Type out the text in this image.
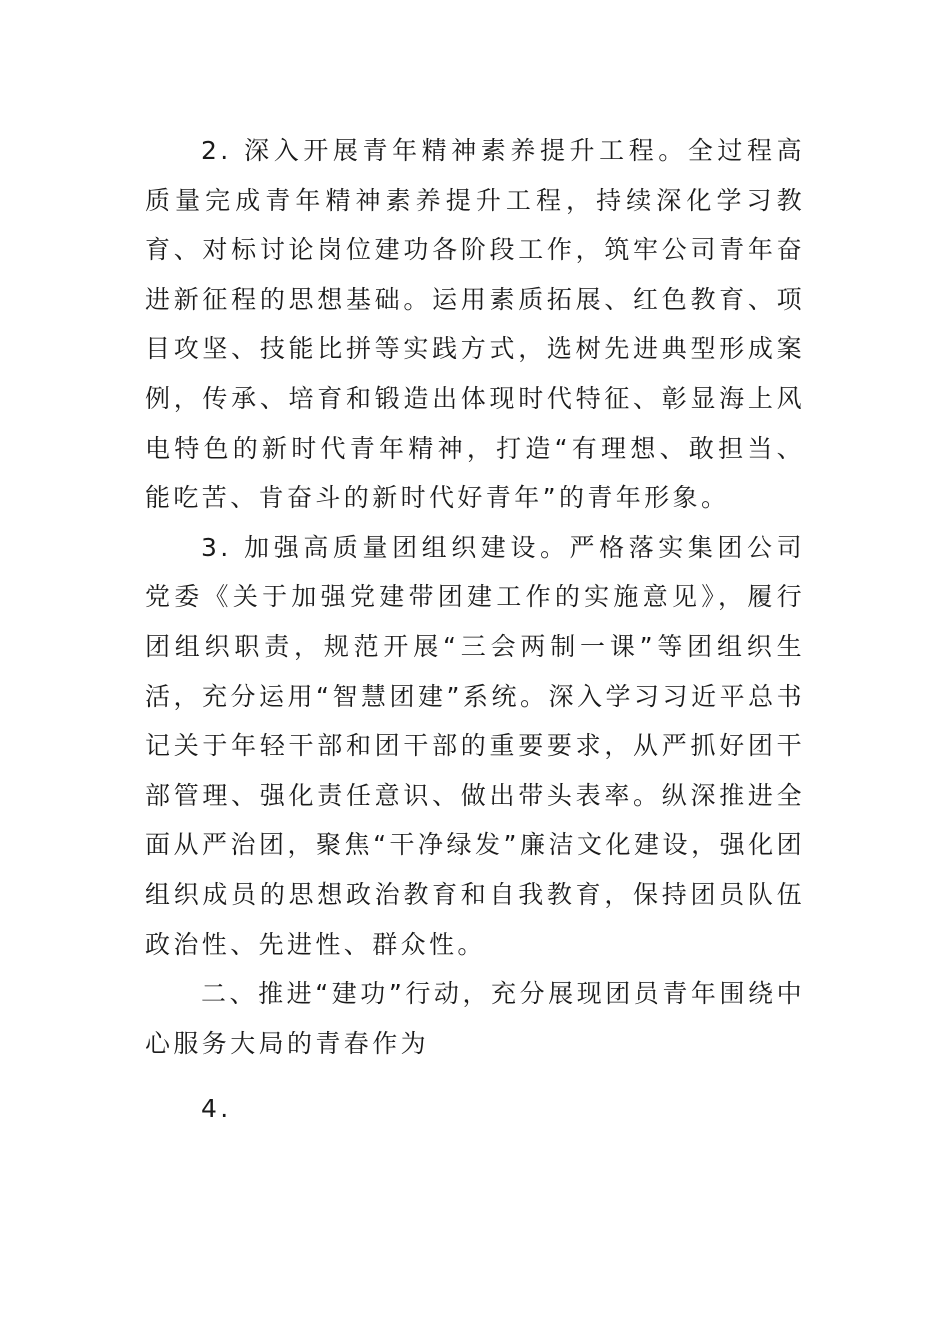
2. 深入开展青年精神素养提升工程。全过程高质量完成青年精神素养提升工程，持续深化学习教育、对标讨论岗位建功各阶段工作，筑牢公司青年奋进新征程的思想基础。运用素质拓展、红色教育、项目攻坚、技能比拼等实践方式，选树先进典型形成案例，传承、培育和锻造出体现时代特征、彰显海上风电特色的新时代青年精神，打造“有理想、敢担当、能吃苦、肯奋斗的新时代好青年”的青年形象。

3. 加强高质量团组织建设。严格落实集团公司党委《关于加强党建带团建工作的实施意见》，履行团组织职责，规范开展“三会两制一课”等团组织生活，充分运用“智慧团建”系统。深入学习习近平总书记关于年轻干部和团干部的重要要求，从严抓好团干部管理、强化责任意识、做出带头表率。纵深推进全面从严治团，聚焦“干净绿发”廉洁文化建设，强化团组织成员的思想政治教育和自我教育，保持团员队伍政治性、先进性、群众性。

二、推进“建功”行动，充分展现团员青年围绕中心服务大局的青春作为

4.
